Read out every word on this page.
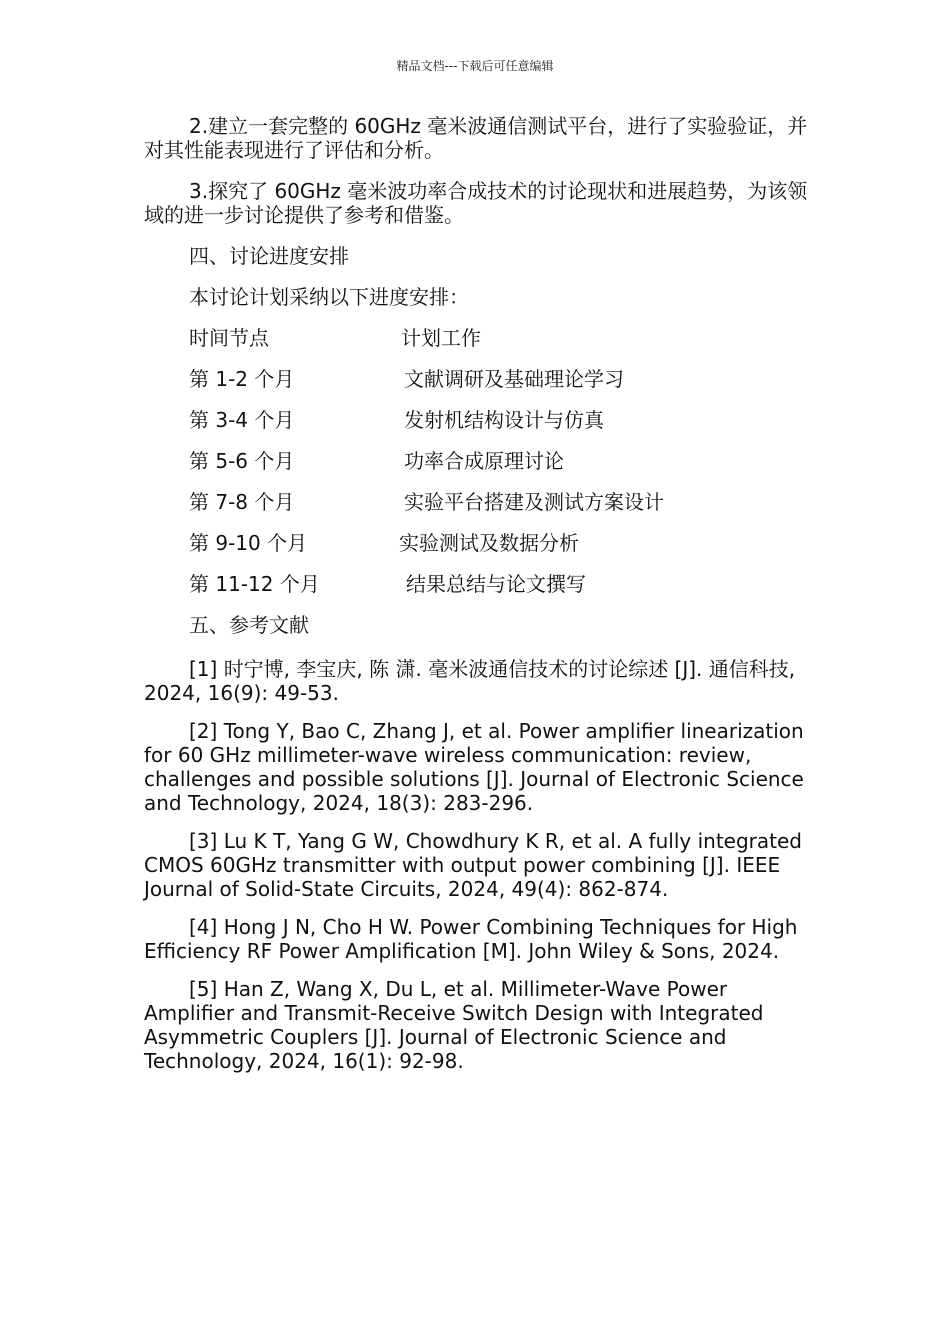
精品文档---下载后可任意编辑

2.建立一套完整的 60GHz 毫米波通信测试平台，进行了实验验证，并对其性能表现进行了评估和分析。

3.探究了 60GHz 毫米波功率合成技术的讨论现状和进展趋势，为该领域的进一步讨论提供了参考和借鉴。

四、讨论进度安排

本讨论计划采纳以下进度安排：

时间节点	计划工作
第 1-2 个月	文献调研及基础理论学习
第 3-4 个月	发射机结构设计与仿真
第 5-6 个月	功率合成原理讨论
第 7-8 个月	实验平台搭建及测试方案设计
第 9-10 个月	实验测试及数据分析
第 11-12 个月	结果总结与论文撰写

五、参考文献

[1] 时宁博, 李宝庆, 陈 潇. 毫米波通信技术的讨论综述 [J]. 通信科技, 2024, 16(9): 49-53.

[2] Tong Y, Bao C, Zhang J, et al. Power amplifier linearization for 60 GHz millimeter-wave wireless communication: review, challenges and possible solutions [J]. Journal of Electronic Science and Technology, 2024, 18(3): 283-296.

[3] Lu K T, Yang G W, Chowdhury K R, et al. A fully integrated CMOS 60GHz transmitter with output power combining [J]. IEEE Journal of Solid-State Circuits, 2024, 49(4): 862-874.

[4] Hong J N, Cho H W. Power Combining Techniques for High Efficiency RF Power Amplification [M]. John Wiley & Sons, 2024.

[5] Han Z, Wang X, Du L, et al. Millimeter-Wave Power Amplifier and Transmit-Receive Switch Design with Integrated Asymmetric Couplers [J]. Journal of Electronic Science and Technology, 2024, 16(1): 92-98.
